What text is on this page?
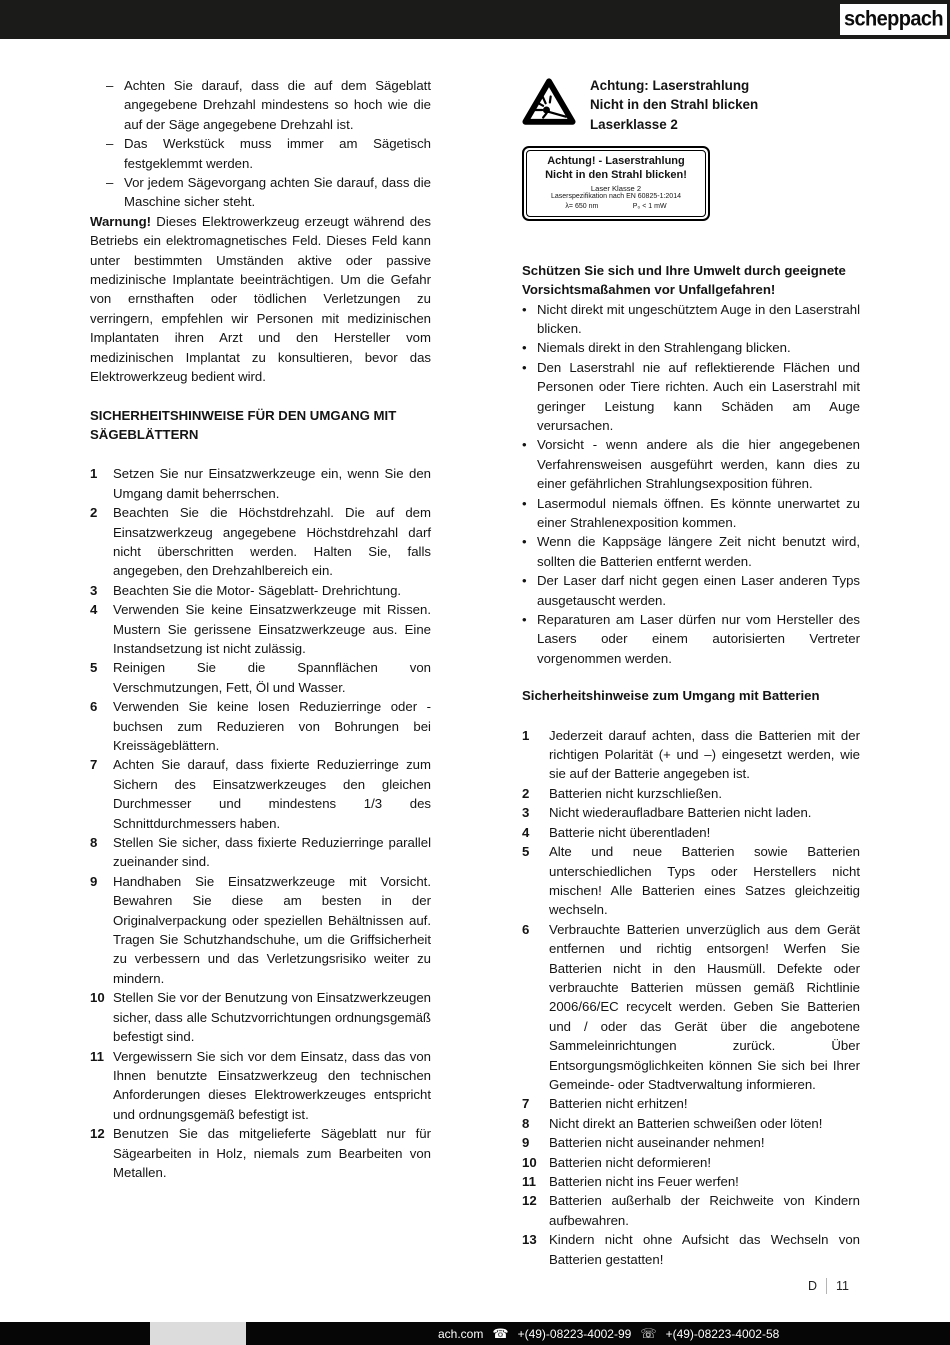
scheppach
– Achten Sie darauf, dass die auf dem Sägeblatt angegebene Drehzahl mindestens so hoch wie die auf der Säge angegebene Drehzahl ist.
– Das Werkstück muss immer am Sägetisch festgeklemmt werden.
– Vor jedem Sägevorgang achten Sie darauf, dass die Maschine sicher steht.

Warnung! Dieses Elektrowerkzeug erzeugt während des Betriebs ein elektromagnetisches Feld. Dieses Feld kann unter bestimmten Umständen aktive oder passive medizinische Implantate beeinträchtigen. Um die Gefahr von ernsthaften oder tödlichen Verletzungen zu verringern, empfehlen wir Personen mit medizinischen Implantaten ihren Arzt und den Hersteller vom medizinischen Implantat zu konsultieren, bevor das Elektrowerkzeug bedient wird.

SICHERHEITSHINWEISE FÜR DEN UMGANG MIT SÄGEBLÄTTERN
1	Setzen Sie nur Einsatzwerkzeuge ein, wenn Sie den Umgang damit beherrschen.
2	Beachten Sie die Höchstdrehzahl. Die auf dem Einsatzwerkzeug angegebene Höchstdrehzahl darf nicht überschritten werden. Halten Sie, falls angegeben, den Drehzahlbereich ein.
3	Beachten Sie die Motor- Sägeblatt- Drehrichtung.
4	Verwenden Sie keine Einsatzwerkzeuge mit Rissen. Mustern Sie gerissene Einsatzwerkzeuge aus. Eine Instandsetzung ist nicht zulässig.
5	Reinigen Sie die Spannflächen von Verschmutzungen, Fett, Öl und Wasser.
6	Verwenden Sie keine losen Reduzierringe oder -buchsen zum Reduzieren von Bohrungen bei Kreissägeblättern.
7	Achten Sie darauf, dass fixierte Reduzierringe zum Sichern des Einsatzwerkzeuges den gleichen Durchmesser und mindestens 1/3 des Schnittdurchmessers haben.
8	Stellen Sie sicher, dass fixierte Reduzierringe parallel zueinander sind.
9	Handhaben Sie Einsatzwerkzeuge mit Vorsicht. Bewahren Sie diese am besten in der Originalverpackung oder speziellen Behältnissen auf. Tragen Sie Schutzhandschuhe, um die Griffsicherheit zu verbessern und das Verletzungsrisiko weiter zu mindern.
10 Stellen Sie vor der Benutzung von Einsatzwerkzeugen sicher, dass alle Schutzvorrichtungen ordnungsgemäß befestigt sind.
11 Vergewissern Sie sich vor dem Einsatz, dass das von Ihnen benutzte Einsatzwerkzeug den technischen Anforderungen dieses Elektrowerkzeuges entspricht und ordnungsgemäß befestigt ist.
12 Benutzen Sie das mitgelieferte Sägeblatt nur für Sägearbeiten in Holz, niemals zum Bearbeiten von Metallen.
Achtung: Laserstrahlung
Nicht in den Strahl blicken
Laserklasse 2
Achtung! - Laserstrahlung
Nicht in den Strahl blicken!
Laser Klasse 2
Laserspezifikation nach EN 60825-1:2014
λ= 650 nm	P₀ < 1 mW
Schützen Sie sich und Ihre Umwelt durch geeignete Vorsichtsmaßahmen vor Unfallgefahren!
• Nicht direkt mit ungeschütztem Auge in den Laserstrahl blicken.
• Niemals direkt in den Strahlengang blicken.
• Den Laserstrahl nie auf reflektierende Flächen und Personen oder Tiere richten. Auch ein Laserstrahl mit geringer Leistung kann Schäden am Auge verursachen.
• Vorsicht - wenn andere als die hier angegebenen Verfahrensweisen ausgeführt werden, kann dies zu einer gefährlichen Strahlungsexposition führen.
• Lasermodul niemals öffnen. Es könnte unerwartet zu einer Strahlenexposition kommen.
• Wenn die Kappsäge längere Zeit nicht benutzt wird, sollten die Batterien entfernt werden.
• Der Laser darf nicht gegen einen Laser anderen Typs ausgetauscht werden.
• Reparaturen am Laser dürfen nur vom Hersteller des Lasers oder einem autorisierten Vertreter vorgenommen werden.
Sicherheitshinweise zum Umgang mit Batterien
1	Jederzeit darauf achten, dass die Batterien mit der richtigen Polarität (+ und –) eingesetzt werden, wie sie auf der Batterie angegeben ist.
2	Batterien nicht kurzschließen.
3	Nicht wiederaufladbare Batterien nicht laden.
4	Batterie nicht überentladen!
5	Alte und neue Batterien sowie Batterien unterschiedlichen Typs oder Herstellers nicht mischen! Alle Batterien eines Satzes gleichzeitig wechseln.
6	Verbrauchte Batterien unverzüglich aus dem Gerät entfernen und richtig entsorgen! Werfen Sie Batterien nicht in den Hausmüll. Defekte oder verbrauchte Batterien müssen gemäß Richtlinie 2006/66/EC recycelt werden. Geben Sie Batterien und / oder das Gerät über die angebotene Sammeleinrichtungen zurück. Über Entsorgungsmöglichkeiten können Sie sich bei Ihrer Gemeinde- oder Stadtverwaltung informieren.
7	Batterien nicht erhitzen!
8	Nicht direkt an Batterien schweißen oder löten!
9	Batterien nicht auseinander nehmen!
10 Batterien nicht deformieren!
11 Batterien nicht ins Feuer werfen!
12 Batterien außerhalb der Reichweite von Kindern aufbewahren.
13 Kindern nicht ohne Aufsicht das Wechseln von Batterien gestatten!
D 11
ach.com ☎ +(49)-08223-4002-99 ☏ +(49)-08223-4002-58
